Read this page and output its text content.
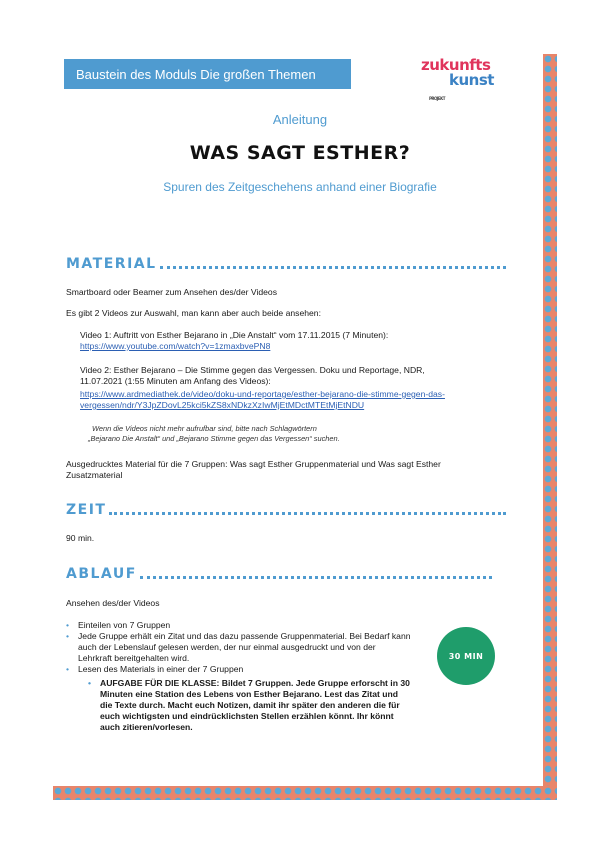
Baustein des Moduls Die großen Themen	zukunfts
PROJEKT
kunst
Anleitung
WAS SAGT ESTHER?
Spuren des Zeitgeschehens anhand einer Biografie
MATERIAL
Smartboard oder Beamer zum Ansehen des/der Videos
Es gibt 2 Videos zur Auswahl, man kann aber auch beide ansehen:
Video 1: Auftritt von Esther Bejarano in „Die Anstalt“ vom 17.11.2015 (7 Minuten):
https://www.youtube.com/watch?v=1zmaxbvePN8
Video 2: Esther Bejarano – Die Stimme gegen das Vergessen. Doku und Reportage, NDR,
11.07.2021 (1:55 Minuten am Anfang des Videos):
https://www.ardmediathek.de/video/doku-und-reportage/esther-bejarano-die-stimme-gegen-das-
vergessen/ndr/Y3JpZDovL25kci5kZS8xNDkzXzIwMjEtMDctMTEtMjEtNDU
Wenn die Videos nicht mehr aufrufbar sind, bitte nach Schlagwörtern
„Bejarano Die Anstalt“ und „Bejarano Stimme gegen das Vergessen“ suchen.
Ausgedrucktes Material für die 7 Gruppen: Was sagt Esther Gruppenmaterial und Was sagt Esther
Zusatzmaterial
ZEIT
90 min.
ABLAUF
Ansehen des/der Videos
• Einteilen von 7 Gruppen
• Jede Gruppe erhält ein Zitat und das dazu passende Gruppenmaterial. Bei Bedarf kann auch der Lebenslauf gelesen werden, der nur einmal ausgedruckt und von der Lehrkraft bereitgehalten wird.
• Lesen des Materials in einer der 7 Gruppen
• AUFGABE FÜR DIE KLASSE: Bildet 7 Gruppen. Jede Gruppe erforscht in 30 Minuten eine Station des Lebens von Esther Bejarano. Lest das Zitat und die Texte durch. Macht euch Notizen, damit ihr später den anderen die für euch wichtigsten und eindrücklichsten Stellen erzählen könnt. Ihr könnt auch zitieren/vorlesen.
30 MIN
